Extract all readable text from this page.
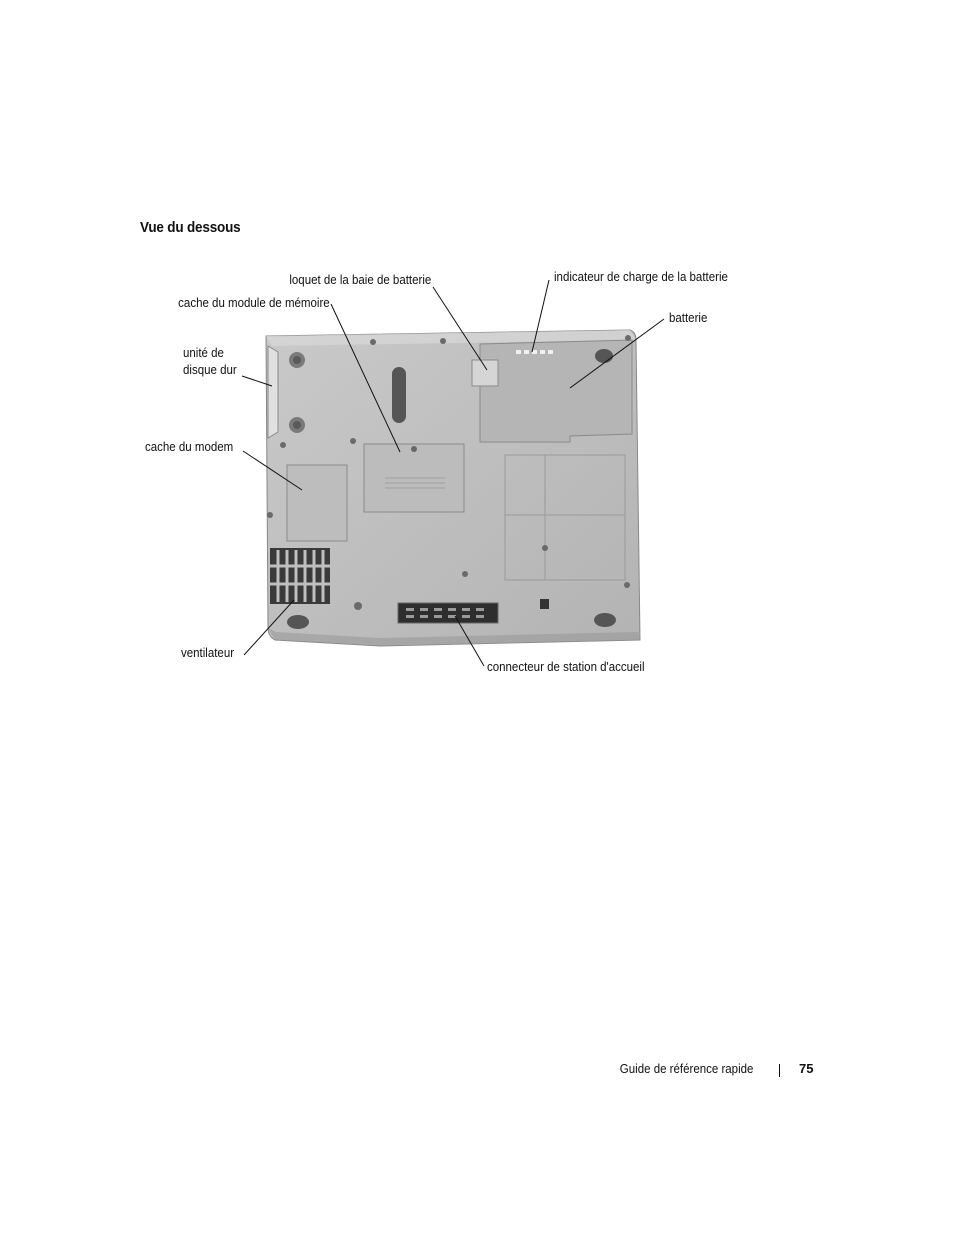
Vue du dessous
loquet de la baie de batterie
cache du module de mémoire
unité de
disque dur
cache du modem
ventilateur
indicateur de charge de la batterie
batterie
connecteur de station d'accueil
Guide de référence rapide	75
